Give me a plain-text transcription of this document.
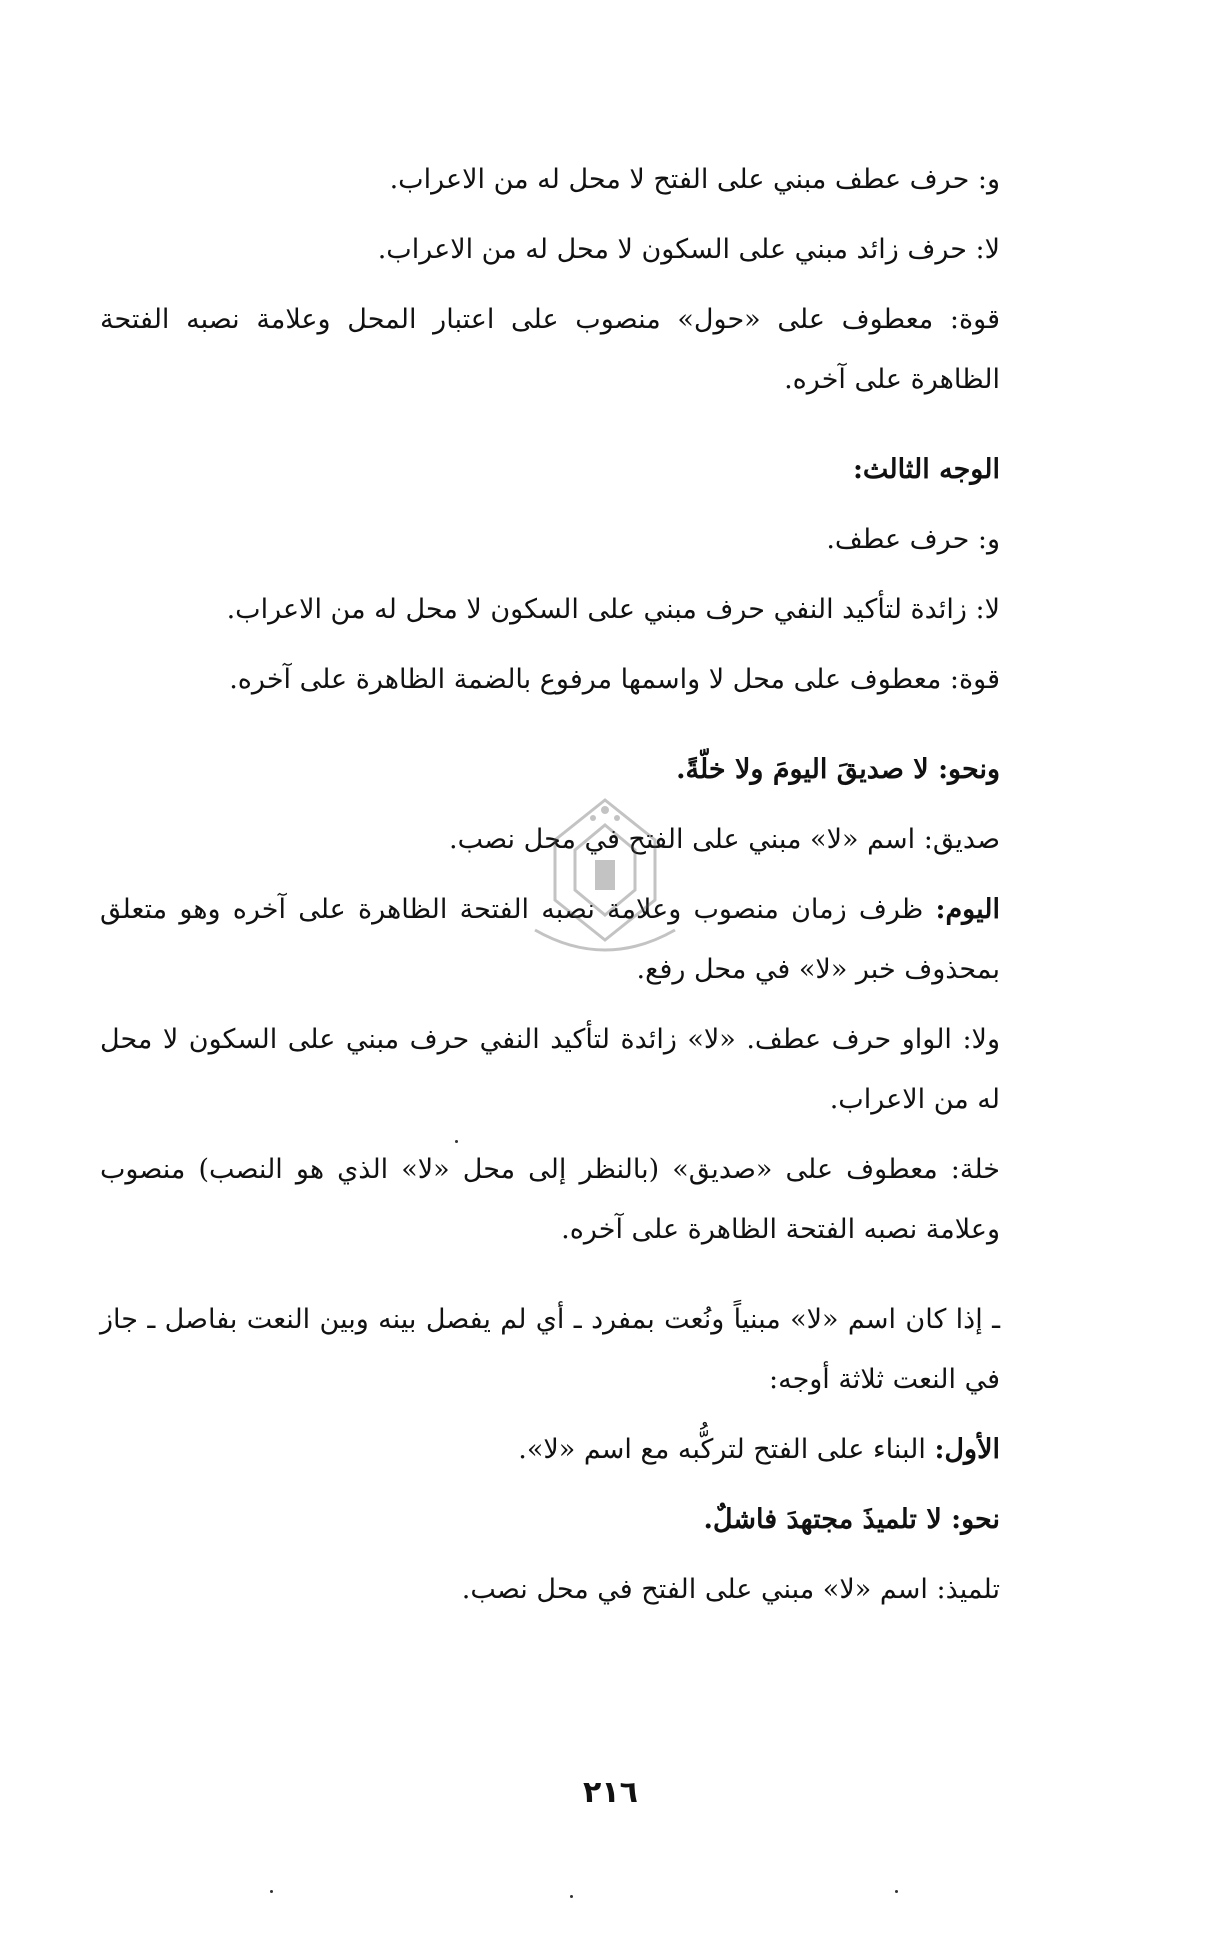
و: حرف عطف مبني على الفتح لا محل له من الاعراب.

لا: حرف زائد مبني على السكون لا محل له من الاعراب.

قوة: معطوف على «حول» منصوب على اعتبار المحل وعلامة نصبه الفتحة الظاهرة على آخره.

الوجه الثالث:

و: حرف عطف.

لا: زائدة لتأكيد النفي حرف مبني على السكون لا محل له من الاعراب.

قوة: معطوف على محل لا واسمها مرفوع بالضمة الظاهرة على آخره.

ونحو: لا صديقَ اليومَ ولا خلّةً.

صديق: اسم «لا» مبني على الفتح في محل نصب.

اليوم: ظرف زمان منصوب وعلامة نصبه الفتحة الظاهرة على آخره وهو متعلق بمحذوف خبر «لا» في محل رفع.

ولا: الواو حرف عطف. «لا» زائدة لتأكيد النفي حرف مبني على السكون لا محل له من الاعراب.

خلة: معطوف على «صديق» (بالنظر إلى محل «لا» الذي هو النصب) منصوب وعلامة نصبه الفتحة الظاهرة على آخره.

ـ إذا كان اسم «لا» مبنياً ونُعت بمفرد ـ أي لم يفصل بينه وبين النعت بفاصل ـ جاز في النعت ثلاثة أوجه:

الأول: البناء على الفتح لتركُّبه مع اسم «لا».

نحو: لا تلميذَ مجتهدَ فاشلٌ.

تلميذ: اسم «لا» مبني على الفتح في محل نصب.

٢١٦
